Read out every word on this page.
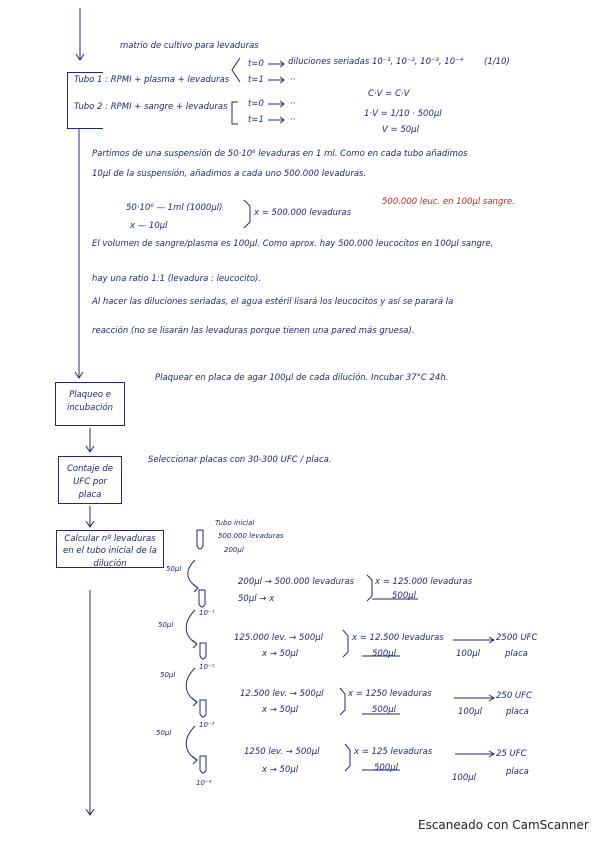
matrio de cultivo para levaduras
Tubo 1 : RPMI + plasma + levaduras
Tubo 2 : RPMI + sangre + levaduras
t=0
t=1
diluciones seriadas 10⁻¹, 10⁻², 10⁻³, 10⁻⁴ (1/10)
··
t=0
t=1
··
··
C·V = C·V
1·V = 1/10 · 500µl
V = 50µl
Partimos de una suspensión de 50·10⁶ levaduras en 1 ml. Como en cada tubo añadimos
10µl de la suspensión, añadimos a cada uno 500.000 levaduras.
50·10⁶ — 1ml (1000µl)
x — 10µl
x = 500.000 levaduras
500.000 leuc. en 100µl sangre.
El volumen de sangre/plasma es 100µl. Como aprox. hay 500.000 leucocitos en 100µl sangre,
hay una ratio 1:1 (levadura : leucocito).
Al hacer las diluciones seriadas, el agua estéril lisará los leucocitos y así se parará la
reacción (no se lisarán las levaduras porque tienen una pared más gruesa).
Plaqueo e incubación
Plaquear en placa de agar 100µl de cada dilución. Incubar 37°C 24h.
Contaje de UFC por placa
Seleccionar placas con 30-300 UFC / placa.
Calcular nº levaduras en el tubo inicial de la dilución
Tubo inicial
500.000 levaduras
200µl
50µl
10⁻¹
200µl → 500.000 levaduras
50µl → x
x = 125.000 levaduras
500µl
50µl
10⁻²
125.000 lev. → 500µl
x → 50µl
x = 12.500 levaduras
500µl	100µl
2500 UFC
placa
50µl
10⁻³
12.500 lev. → 500µl
x → 50µl
x = 1250 levaduras
500µl	100µl
250 UFC
placa
50µl
10⁻⁴
1250 lev. → 500µl
x → 50µl
x = 125 levaduras
500µl
100µl
25 UFC
placa
Escaneado con CamScanner
